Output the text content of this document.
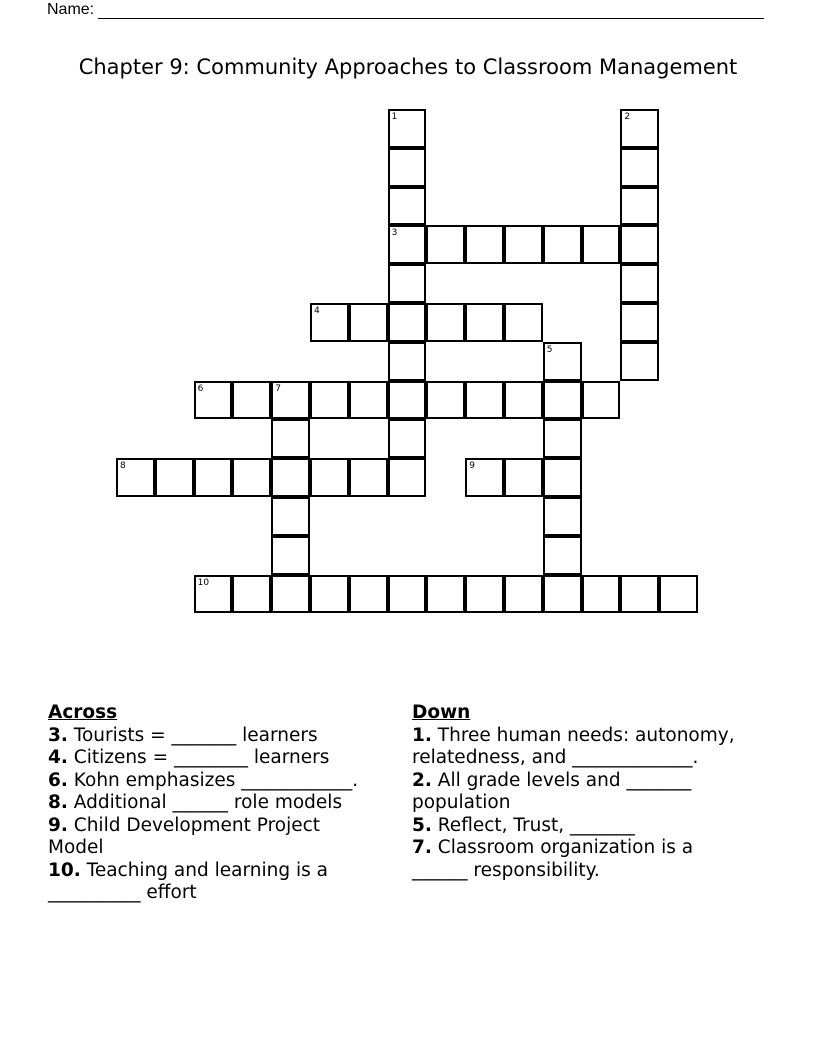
Name:
Chapter 9: Community Approaches to Classroom Management
1
3
2
4
5
6	7
8	9
10
Across
3. Tourists = _______ learners
4. Citizens = ________ learners
6. Kohn emphasizes ____________.
8. Additional ______ role models
9. Child Development Project Model
10. Teaching and learning is a __________ effort
Down
1. Three human needs: autonomy, relatedness, and _____________.
2. All grade levels and _______ population
5. Reflect, Trust, _______
7. Classroom organization is a ______ responsibility.
